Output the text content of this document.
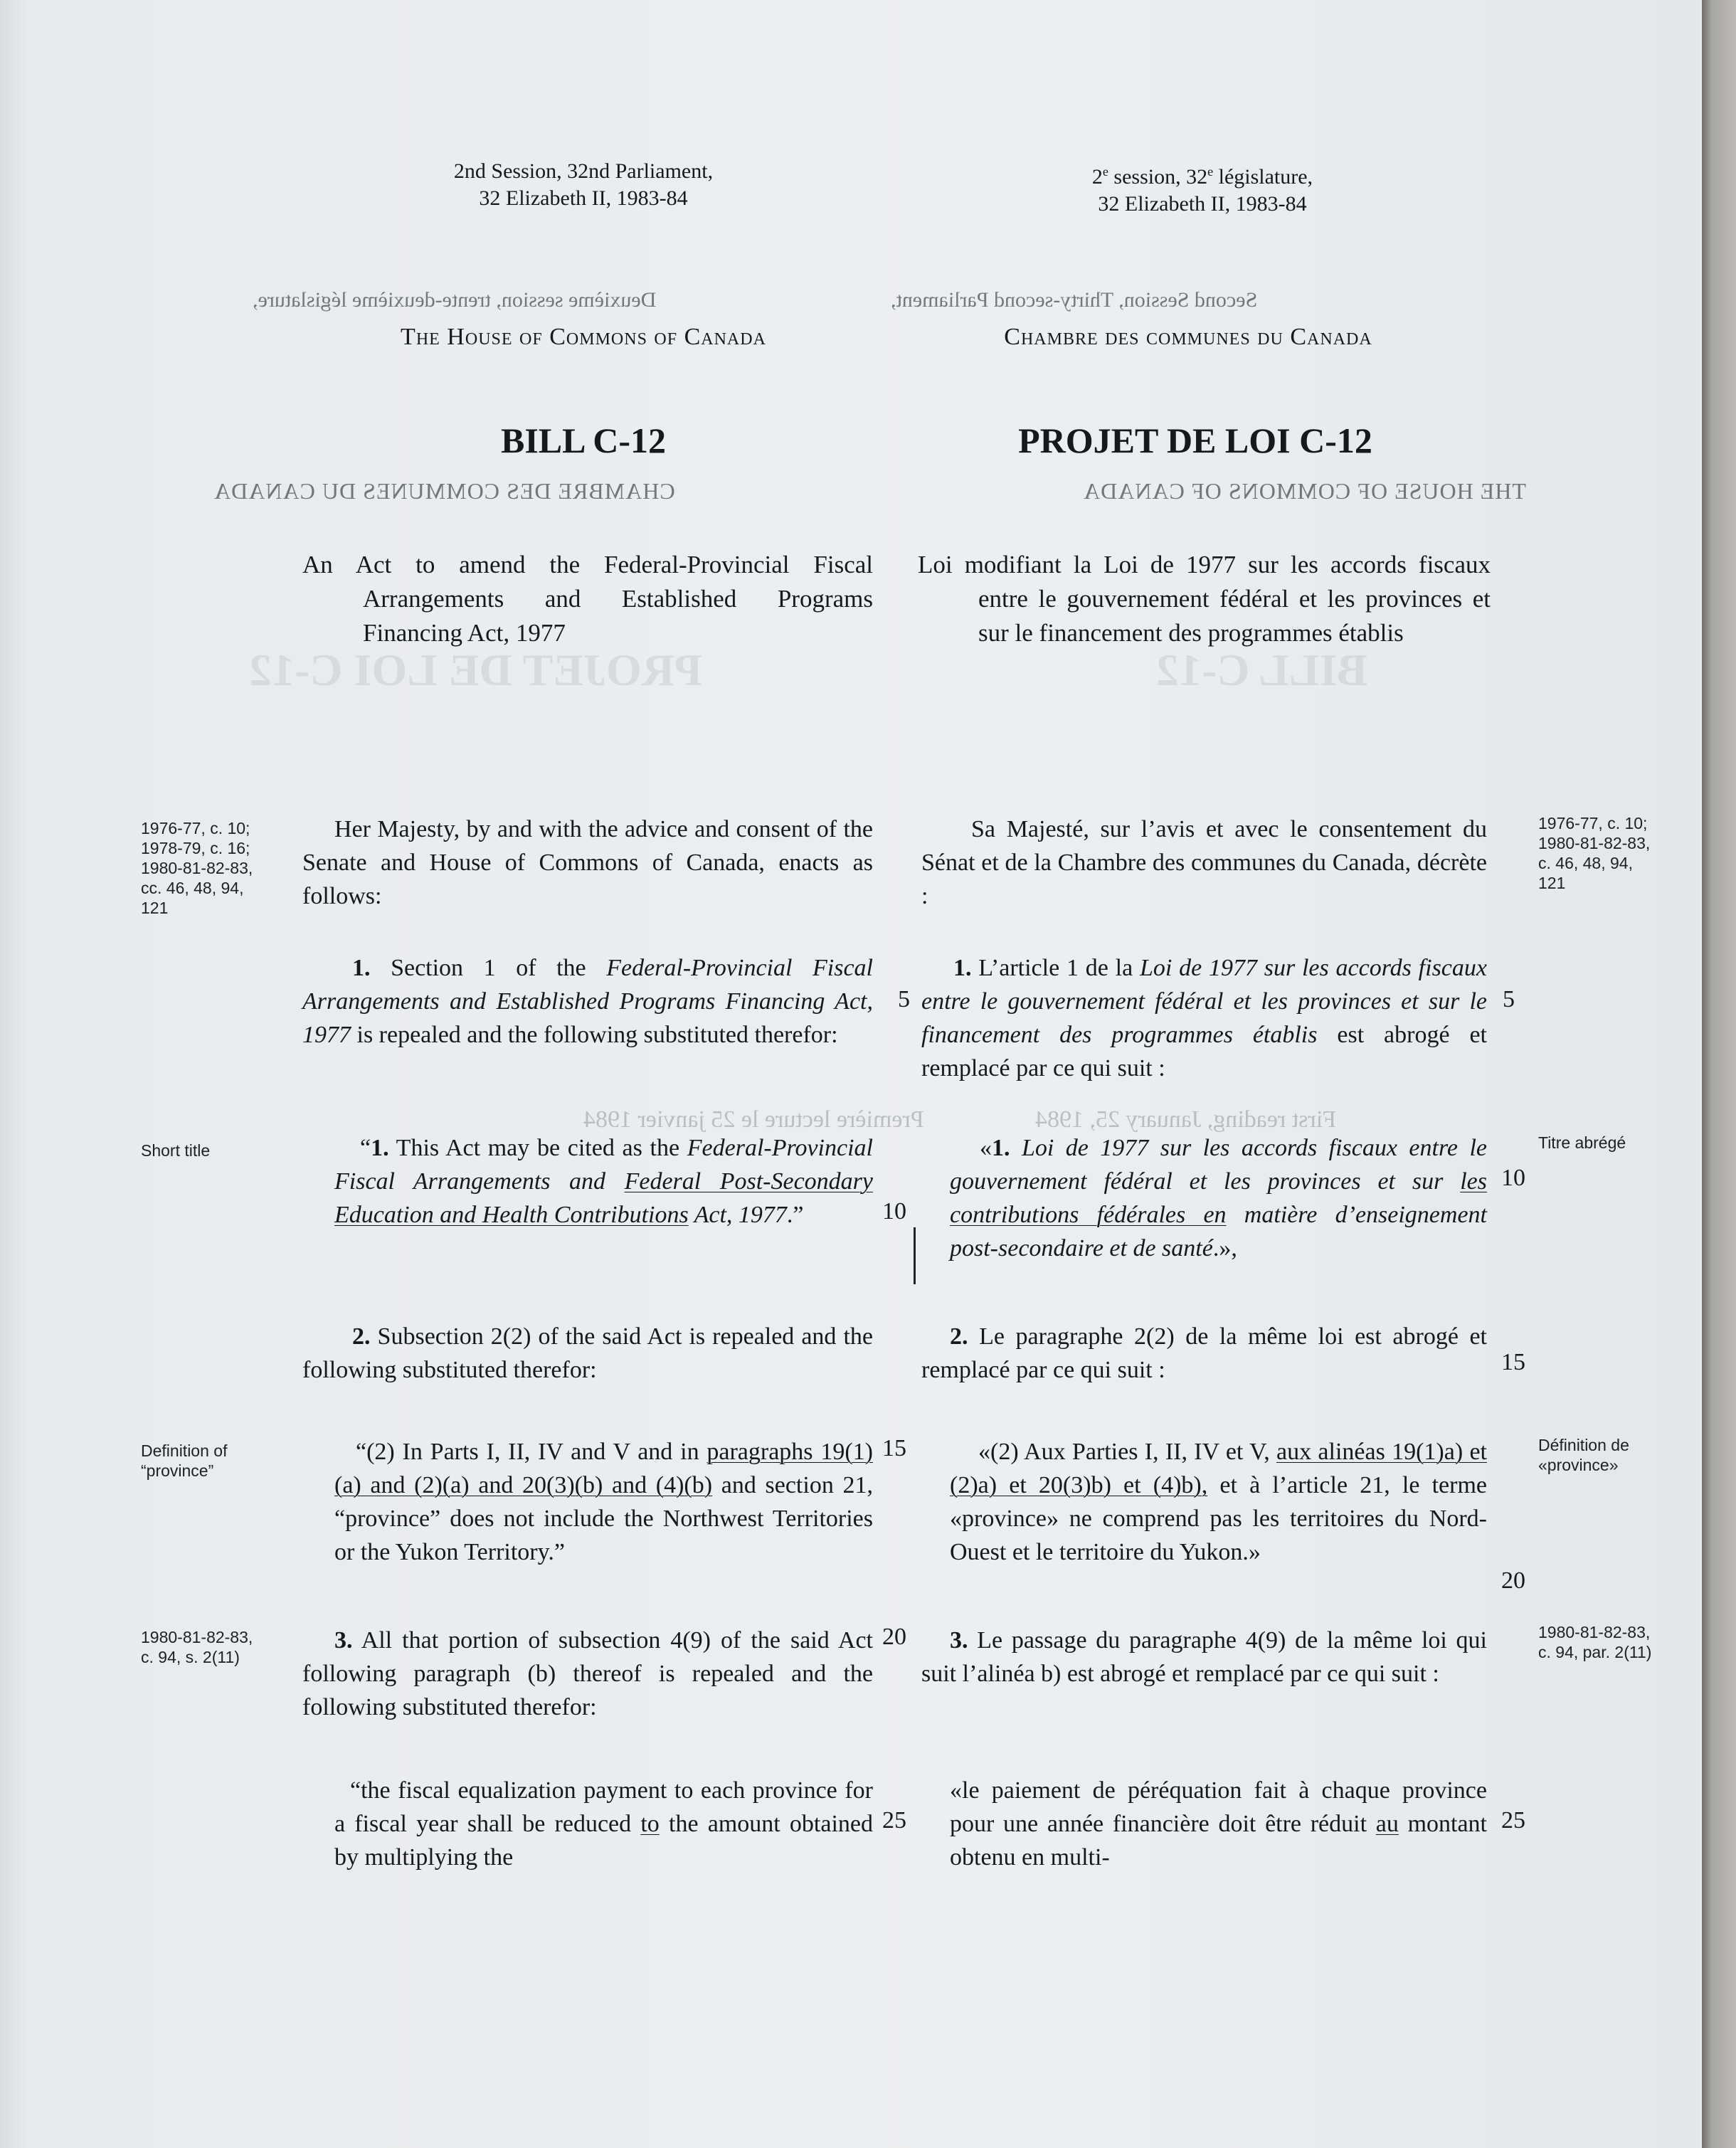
Deuxième session, trente-deuxième législature,	Second Session, Thirty-second Parliament,
CHAMBRE DES COMMUNES DU CANADA	THE HOUSE OF COMMONS OF CANADA
PROJET DE LOI C-12	BILL C-12
Première lecture le 25 janvier 1984	First reading, January 25, 1984
2nd Session, 32nd Parliament,
32 Elizabeth II, 1983-84
2e session, 32e législature,
32 Elizabeth II, 1983-84
The House of Commons of Canada	Chambre des communes du Canada
BILL C-12	PROJET DE LOI C-12
An Act to amend the Federal-Provincial Fiscal Arrangements and Established Programs Financing Act, 1977
Loi modifiant la Loi de 1977 sur les accords fiscaux entre le gouvernement fédéral et les provinces et sur le financement des programmes établis
1976-77, c. 10;
1978-79, c. 16;
1980-81-82-83,
cc. 46, 48, 94,
121
Short title
Definition of
“province”
1980-81-82-83,
c. 94, s. 2(11)
1976-77, c. 10;
1980-81-82-83,
c. 46, 48, 94,
121
Titre abrégé
Définition de
«province»
1980-81-82-83,
c. 94, par. 2(11)
Her Majesty, by and with the advice and consent of the Senate and House of Commons of Canada, enacts as follows:
1. Section 1 of the Federal-Provincial Fiscal Arrangements and Established Programs Financing Act, 1977 is repealed and the following substituted therefor:
“1. This Act may be cited as the Federal-Provincial Fiscal Arrangements and Federal Post-Secondary Education and Health Contributions Act, 1977.”
2. Subsection 2(2) of the said Act is repealed and the following substituted therefor:
“(2) In Parts I, II, IV and V and in paragraphs 19(1)(a) and (2)(a) and 20(3)(b) and (4)(b) and section 21, “province” does not include the Northwest Territories or the Yukon Territory.”
3. All that portion of subsection 4(9) of the said Act following paragraph (b) thereof is repealed and the following substituted therefor:
“the fiscal equalization payment to each province for a fiscal year shall be reduced to the amount obtained by multiplying the
5
10
15
20
25
Sa Majesté, sur l’avis et avec le consentement du Sénat et de la Chambre des communes du Canada, décrète :
1. L’article 1 de la Loi de 1977 sur les accords fiscaux entre le gouvernement fédéral et les provinces et sur le financement des programmes établis est abrogé et remplacé par ce qui suit :
«1. Loi de 1977 sur les accords fiscaux entre le gouvernement fédéral et les provinces et sur les contributions fédérales en matière d’enseignement post-secondaire et de santé.»,
2. Le paragraphe 2(2) de la même loi est abrogé et remplacé par ce qui suit :
«(2) Aux Parties I, II, IV et V, aux alinéas 19(1)a) et (2)a) et 20(3)b) et (4)b), et à l’article 21, le terme «province» ne comprend pas les territoires du Nord-Ouest et le territoire du Yukon.»
3. Le passage du paragraphe 4(9) de la même loi qui suit l’alinéa b) est abrogé et remplacé par ce qui suit :
«le paiement de péréquation fait à chaque province pour une année financière doit être réduit au montant obtenu en multi-
5
10
15
20
25
